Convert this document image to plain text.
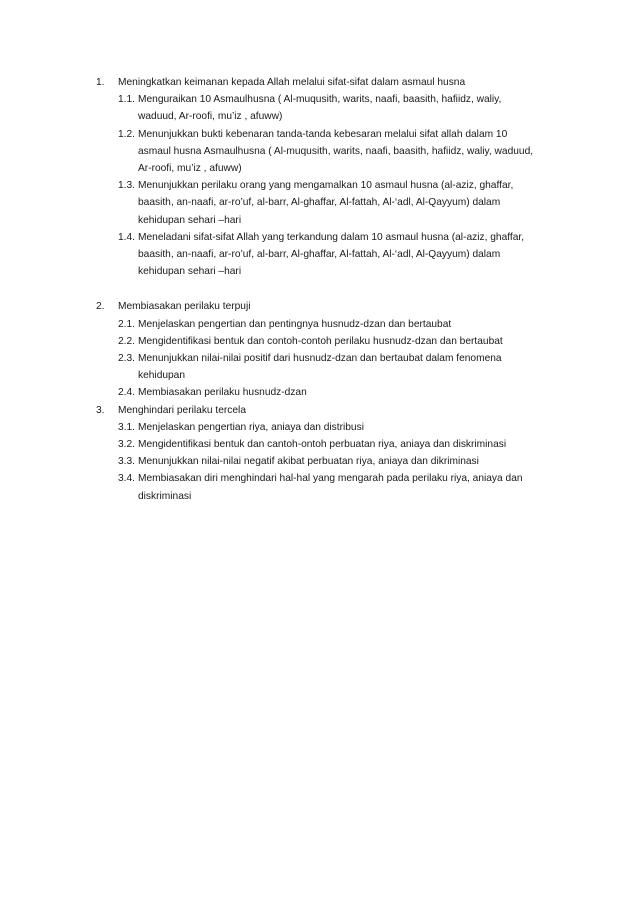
1.	Meningkatkan keimanan kepada Allah melalui sifat-sifat dalam asmaul husna
1.1. Menguraikan 10 Asmaulhusna ( Al-muqusith, warits, naafi, baasith, hafiidz, waliy,
waduud, Ar-roofi, mu’iz , afuww)
1.2. Menunjukkan bukti kebenaran tanda-tanda kebesaran melalui sifat allah dalam 10
asmaul husna Asmaulhusna ( Al-muqusith, warits, naafi, baasith, hafiidz, waliy, waduud,
Ar-roofi, mu’iz , afuww)
1.3. Menunjukkan perilaku orang yang mengamalkan 10 asmaul husna (al-aziz, ghaffar,
baasith, an-naafi, ar-ro’uf, al-barr, Al-ghaffar, Al-fattah, Al-‘adl, Al-Qayyum) dalam
kehidupan sehari –hari
1.4. Meneladani sifat-sifat Allah yang terkandung dalam 10 asmaul husna (al-aziz, ghaffar,
baasith, an-naafi, ar-ro’uf, al-barr, Al-ghaffar, Al-fattah, Al-‘adl, Al-Qayyum) dalam
kehidupan sehari –hari
2.	Membiasakan perilaku terpuji
2.1. Menjelaskan pengertian dan pentingnya husnudz-dzan dan bertaubat
2.2. Mengidentifikasi bentuk dan contoh-contoh perilaku husnudz-dzan dan bertaubat
2.3. Menunjukkan nilai-nilai positif dari husnudz-dzan dan bertaubat dalam fenomena
kehidupan
2.4. Membiasakan perilaku husnudz-dzan
3.	Menghindari perilaku tercela
3.1. Menjelaskan pengertian riya, aniaya dan distribusi
3.2. Mengidentifikasi bentuk dan cantoh-ontoh perbuatan riya, aniaya dan diskriminasi
3.3. Menunjukkan nilai-nilai negatif akibat perbuatan riya, aniaya dan dikriminasi
3.4. Membiasakan diri menghindari hal-hal yang mengarah pada perilaku riya, aniaya dan
diskriminasi
